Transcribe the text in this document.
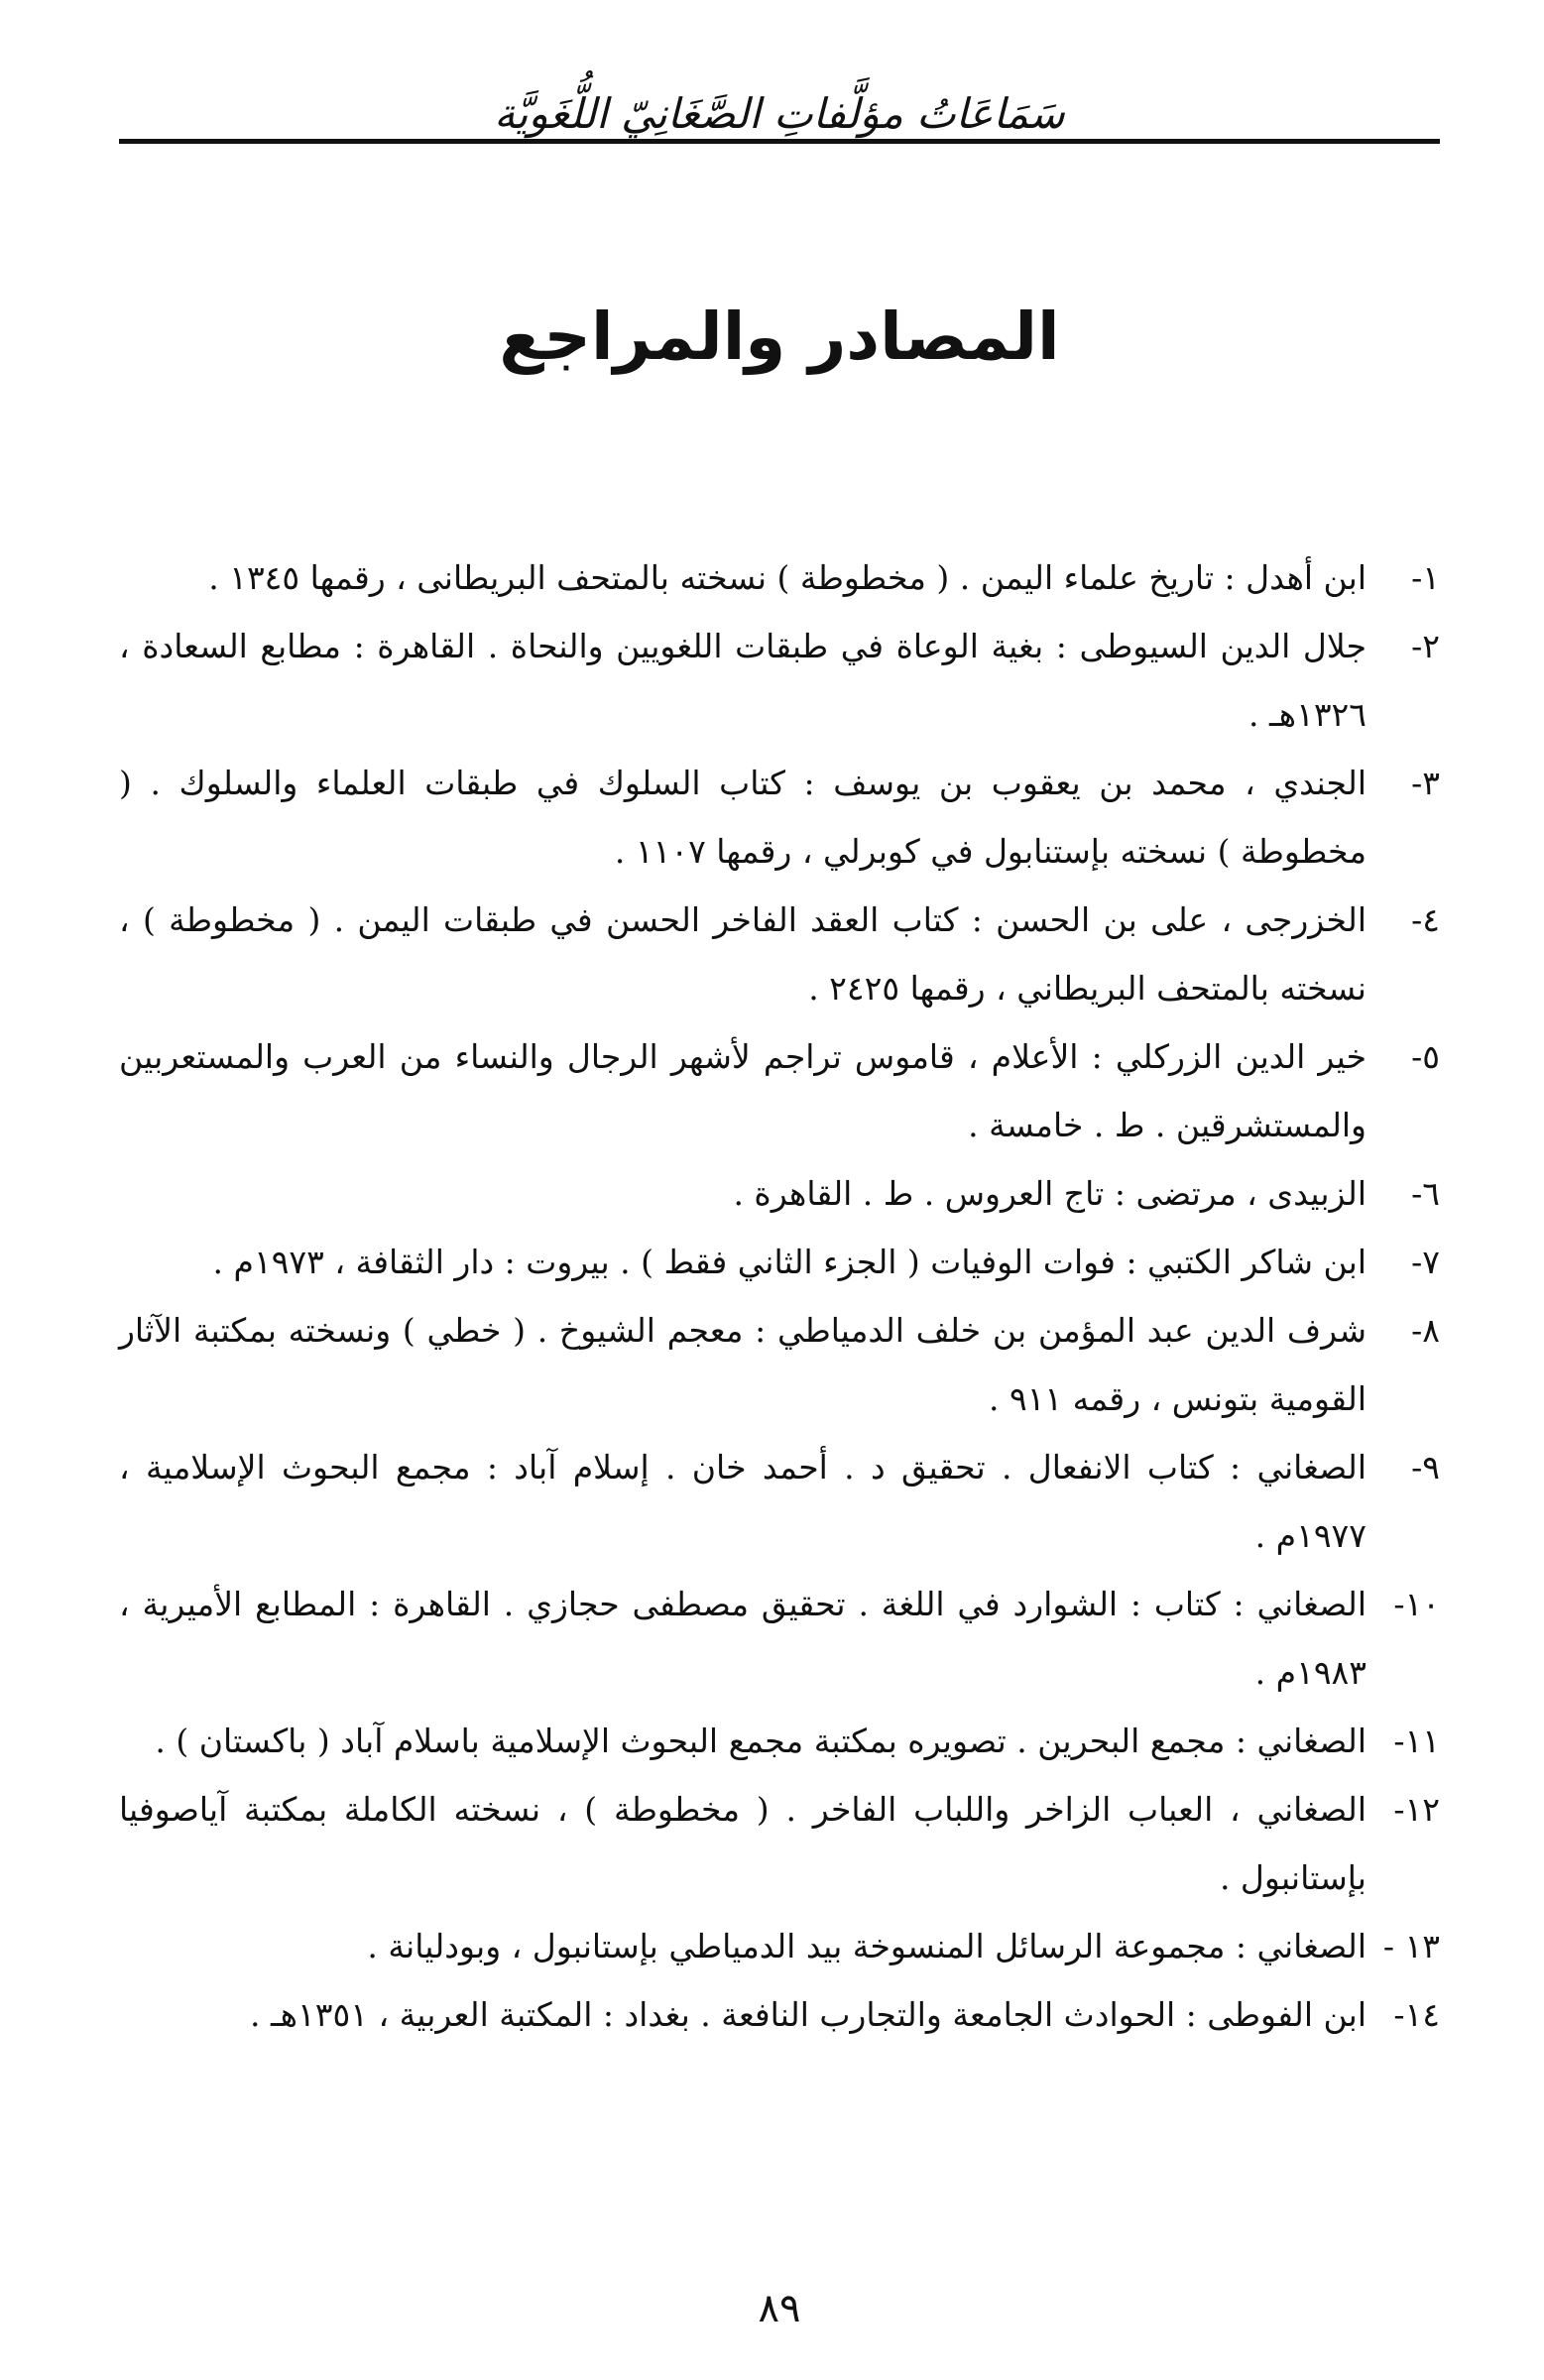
سَمَاعَاتُ مؤلَّفاتِ الصَّغَانِيّ اللُّغَوِيَّة
المصادر والمراجع
١-
ابن أهدل : تاريخ علماء اليمن . ( مخطوطة ) نسخته بالمتحف البريطانى ، رقمها ١٣٤٥ .
٢-
جلال الدين السيوطى : بغية الوعاة في طبقات اللغويين والنحاة . القاهرة : مطابع السعادة ، ١٣٢٦هـ .
٣-
الجندي ، محمد بن يعقوب بن يوسف : كتاب السلوك في طبقات العلماء والسلوك . ( مخطوطة ) نسخته بإستنابول في كوبرلي ، رقمها ١١٠٧ .
٤-
الخزرجى ، على بن الحسن : كتاب العقد الفاخر الحسن في طبقات اليمن . ( مخطوطة ) ، نسخته بالمتحف البريطاني ، رقمها ٢٤٢٥ .
٥-
خير الدين الزركلي : الأعلام ، قاموس تراجم لأشهر الرجال والنساء من العرب والمستعربين والمستشرقين . ط . خامسة .
٦-
الزبيدى ، مرتضى : تاج العروس . ط . القاهرة .
٧-
ابن شاكر الكتبي : فوات الوفيات ( الجزء الثاني فقط ) . بيروت : دار الثقافة ، ١٩٧٣م .
٨-
شرف الدين عبد المؤمن بن خلف الدمياطي : معجم الشيوخ . ( خطي ) ونسخته بمكتبة الآثار القومية بتونس ، رقمه ٩١١ .
٩-
الصغاني : كتاب الانفعال . تحقيق د . أحمد خان . إسلام آباد : مجمع البحوث الإسلامية ، ١٩٧٧م .
١٠-
الصغاني : كتاب : الشوارد في اللغة . تحقيق مصطفى حجازي . القاهرة : المطابع الأميرية ، ١٩٨٣م .
١١-
الصغاني : مجمع البحرين . تصويره بمكتبة مجمع البحوث الإسلامية باسلام آباد ( باكستان ) .
١٢-
الصغاني ، العباب الزاخر واللباب الفاخر . ( مخطوطة ) ، نسخته الكاملة بمكتبة آياصوفيا بإستانبول .
١٣ -
الصغاني : مجموعة الرسائل المنسوخة بيد الدمياطي بإستانبول ، وبودلیانة .
١٤-
ابن الفوطى : الحوادث الجامعة والتجارب النافعة . بغداد : المكتبة العربية ، ١٣٥١هـ .
٨٩
